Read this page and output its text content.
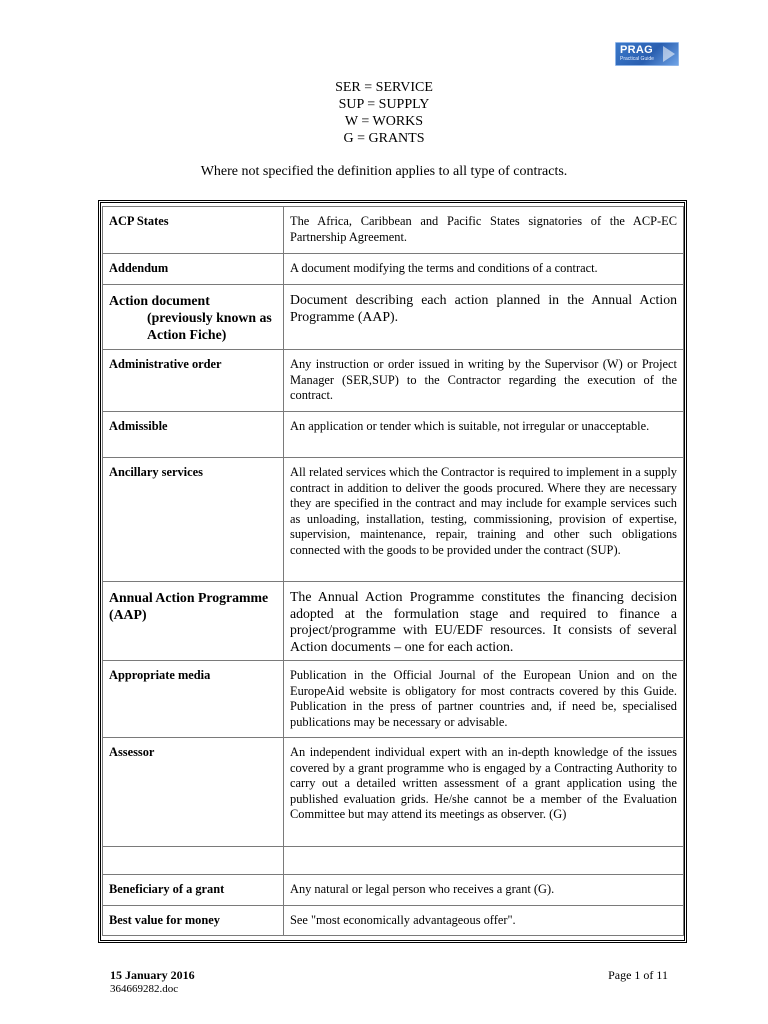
PRAG
Practical Guide
SER = SERVICE
SUP = SUPPLY
W = WORKS
G = GRANTS
Where not specified the definition applies to all type of contracts.
ACP States	The Africa, Caribbean and Pacific States signatories of the ACP-EC Partnership Agreement.
Addendum	A document modifying the terms and conditions of a contract.
Action document
(previously known as Action Fiche)	Document describing each action planned in the Annual Action Programme (AAP).
Administrative order	Any instruction or order issued in writing by the Supervisor (W) or Project Manager (SER,SUP) to the Contractor regarding the execution of the contract.
Admissible	An application or tender which is suitable, not irregular or unacceptable.
Ancillary services	All related services which the Contractor is required to implement in a supply contract in addition to deliver the goods procured. Where they are necessary they are specified in the contract and may include for example services such as unloading, installation, testing, commissioning, provision of expertise, supervision, maintenance, repair, training and other such obligations connected with the goods to be provided under the contract (SUP).
Annual Action Programme (AAP)	The Annual Action Programme constitutes the financing decision adopted at the formulation stage and required to finance a project/programme with EU/EDF resources. It consists of several Action documents – one for each action.
Appropriate media	Publication in the Official Journal of the European Union and on the EuropeAid website is obligatory for most contracts covered by this Guide. Publication in the press of partner countries and, if need be, specialised publications may be necessary or advisable.
Assessor	An independent individual expert with an in-depth knowledge of the issues covered by a grant programme who is engaged by a Contracting Authority to carry out a detailed written assessment of a grant application using the published evaluation grids. He/she cannot be a member of the Evaluation Committee but may attend its meetings as observer. (G)

Beneficiary of a grant	Any natural or legal person who receives a grant (G).
Best value for money	See "most economically advantageous offer".
15 January 2016
364669282.doc
Page 1 of 11
